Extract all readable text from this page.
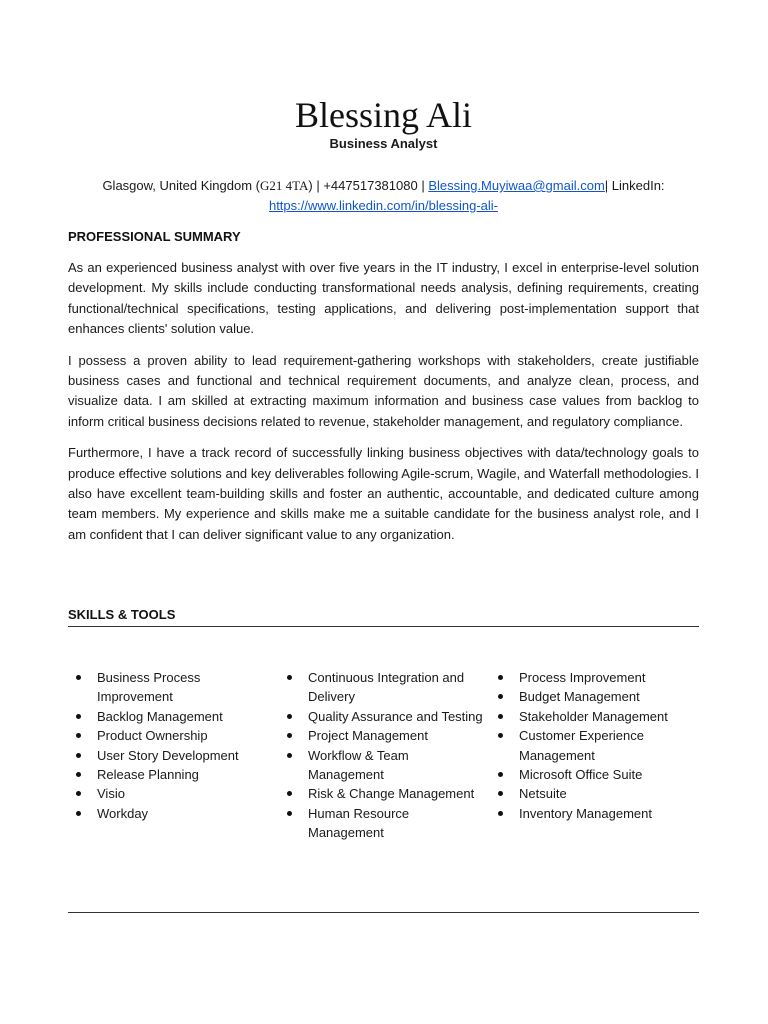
Blessing Ali
Business Analyst
Glasgow, United Kingdom (G21 4TA) | +447517381080 | Blessing.Muyiwaa@gmail.com| LinkedIn:
https://www.linkedin.com/in/blessing-ali-
PROFESSIONAL SUMMARY

As an experienced business analyst with over five years in the IT industry, I excel in enterprise-level solution development. My skills include conducting transformational needs analysis, defining requirements, creating functional/technical specifications, testing applications, and delivering post-implementation support that enhances clients' solution value.

I possess a proven ability to lead requirement-gathering workshops with stakeholders, create justifiable business cases and functional and technical requirement documents, and analyze clean, process, and visualize data. I am skilled at extracting maximum information and business case values from backlog to inform critical business decisions related to revenue, stakeholder management, and regulatory compliance.

Furthermore, I have a track record of successfully linking business objectives with data/technology goals to produce effective solutions and key deliverables following Agile-scrum, Wagile, and Waterfall methodologies. I also have excellent team-building skills and foster an authentic, accountable, and dedicated culture among team members. My experience and skills make me a suitable candidate for the business analyst role, and I am confident that I can deliver significant value to any organization.

SKILLS & TOOLS
Business Process Improvement
Backlog Management
Product Ownership
User Story Development
Release Planning
Visio
Workday
Continuous Integration and Delivery
Quality Assurance and Testing
Project Management
Workflow & Team Management
Risk & Change Management
Human Resource Management
Process Improvement
Budget Management
Stakeholder Management
Customer Experience Management
Microsoft Office Suite
Netsuite
Inventory Management
